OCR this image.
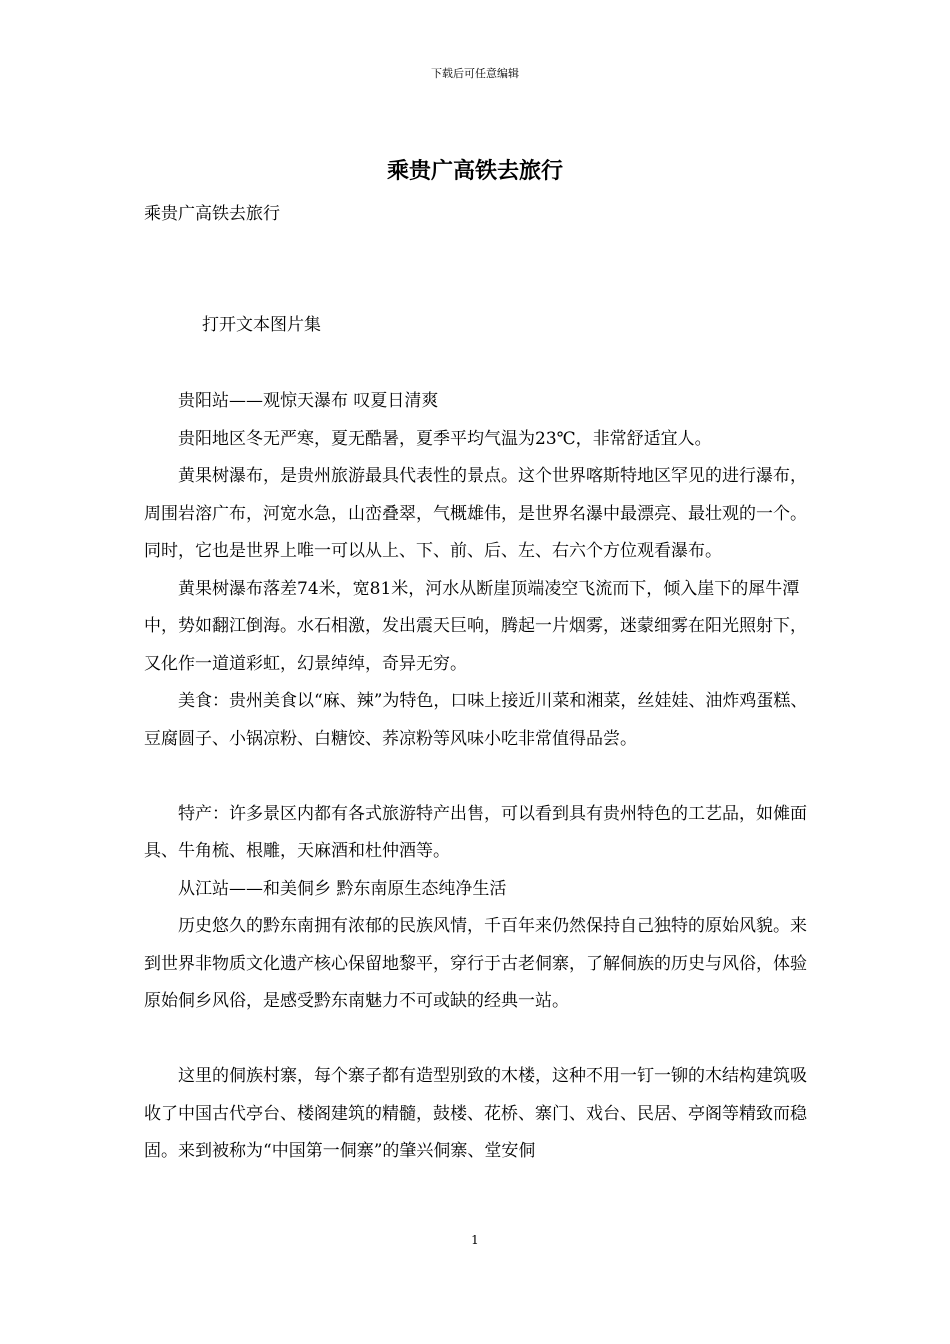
下载后可任意编辑
乘贵广高铁去旅行
乘贵广高铁去旅行
打开文本图片集

贵阳站——观惊天瀑布 叹夏日清爽

贵阳地区冬无严寒，夏无酷暑，夏季平均气温为23℃，非常舒适宜人。

黄果树瀑布，是贵州旅游最具代表性的景点。这个世界喀斯特地区罕见的进行瀑布，周围岩溶广布，河宽水急，山峦叠翠，气概雄伟，是世界名瀑中最漂亮、最壮观的一个。同时，它也是世界上唯一可以从上、下、前、后、左、右六个方位观看瀑布。

黄果树瀑布落差74米，宽81米，河水从断崖顶端凌空飞流而下，倾入崖下的犀牛潭中，势如翻江倒海。水石相激，发出震天巨响，腾起一片烟雾，迷蒙细雾在阳光照射下，又化作一道道彩虹，幻景绰绰，奇异无穷。

美食：贵州美食以“麻、辣”为特色，口味上接近川菜和湘菜，丝娃娃、油炸鸡蛋糕、豆腐圆子、小锅凉粉、白糖饺、荞凉粉等风味小吃非常值得品尝。

特产：许多景区内都有各式旅游特产出售，可以看到具有贵州特色的工艺品，如傩面具、牛角梳、根雕，天麻酒和杜仲酒等。

从江站——和美侗乡 黔东南原生态纯净生活

历史悠久的黔东南拥有浓郁的民族风情，千百年来仍然保持自己独特的原始风貌。来到世界非物质文化遗产核心保留地黎平，穿行于古老侗寨，了解侗族的历史与风俗，体验原始侗乡风俗，是感受黔东南魅力不可或缺的经典一站。

这里的侗族村寨，每个寨子都有造型别致的木楼，这种不用一钉一铆的木结构建筑吸收了中国古代亭台、楼阁建筑的精髓，鼓楼、花桥、寨门、戏台、民居、亭阁等精致而稳固。来到被称为“中国第一侗寨”的肇兴侗寨、堂安侗

1
